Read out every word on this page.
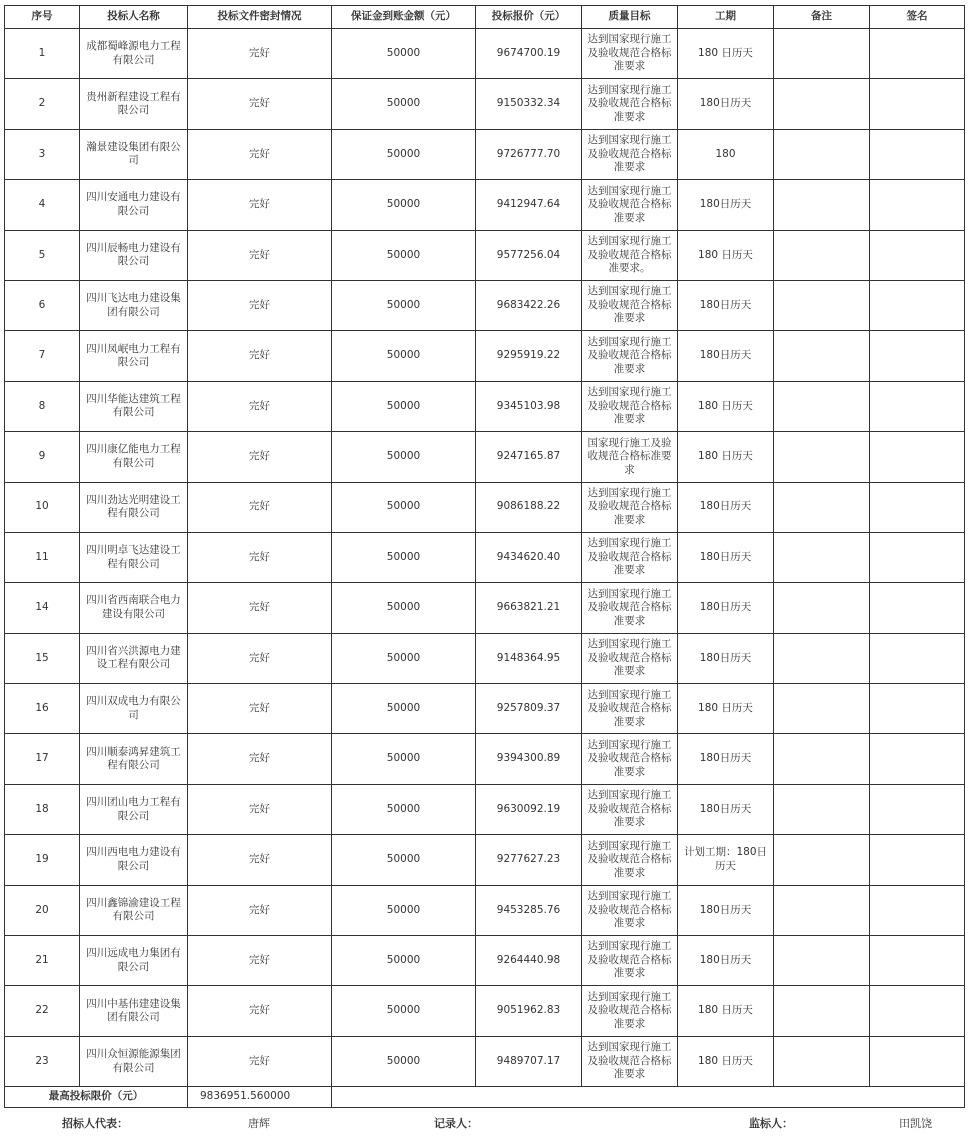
序号	投标人名称	投标文件密封情况	保证金到账金额（元）	投标报价（元）	质量目标	工期	备注	签名
1	成都蜀峰源电力工程有限公司	完好	50000	9674700.19	达到国家现行施工及验收规范合格标准要求	180 日历天		
2	贵州新程建设工程有限公司	完好	50000	9150332.34	达到国家现行施工及验收规范合格标准要求	180日历天		
3	瀚景建设集团有限公司	完好	50000	9726777.70	达到国家现行施工及验收规范合格标准要求	180		
4	四川安通电力建设有限公司	完好	50000	9412947.64	达到国家现行施工及验收规范合格标准要求	180日历天		
5	四川辰畅电力建设有限公司	完好	50000	9577256.04	达到国家现行施工及验收规范合格标准要求。	180 日历天		
6	四川飞达电力建设集团有限公司	完好	50000	9683422.26	达到国家现行施工及验收规范合格标准要求	180日历天		
7	四川凤岷电力工程有限公司	完好	50000	9295919.22	达到国家现行施工及验收规范合格标准要求	180日历天		
8	四川华能达建筑工程有限公司	完好	50000	9345103.98	达到国家现行施工及验收规范合格标准要求	180 日历天		
9	四川康亿能电力工程有限公司	完好	50000	9247165.87	国家现行施工及验收规范合格标准要求	180 日历天		
10	四川劲达光明建设工程有限公司	完好	50000	9086188.22	达到国家现行施工及验收规范合格标准要求	180日历天		
11	四川明卓飞达建设工程有限公司	完好	50000	9434620.40	达到国家现行施工及验收规范合格标准要求	180日历天		
14	四川省西南联合电力建设有限公司	完好	50000	9663821.21	达到国家现行施工及验收规范合格标准要求	180日历天		
15	四川省兴洪源电力建设工程有限公司	完好	50000	9148364.95	达到国家现行施工及验收规范合格标准要求	180日历天		
16	四川双成电力有限公司	完好	50000	9257809.37	达到国家现行施工及验收规范合格标准要求	180 日历天		
17	四川顺泰鸿昇建筑工程有限公司	完好	50000	9394300.89	达到国家现行施工及验收规范合格标准要求	180日历天		
18	四川团山电力工程有限公司	完好	50000	9630092.19	达到国家现行施工及验收规范合格标准要求	180日历天		
19	四川西电电力建设有限公司	完好	50000	9277627.23	达到国家现行施工及验收规范合格标准要求	计划工期：180日历天		
20	四川鑫锦渝建设工程有限公司	完好	50000	9453285.76	达到国家现行施工及验收规范合格标准要求	180日历天		
21	四川远成电力集团有限公司	完好	50000	9264440.98	达到国家现行施工及验收规范合格标准要求	180日历天		
22	四川中基伟建建设集团有限公司	完好	50000	9051962.83	达到国家现行施工及验收规范合格标准要求	180 日历天		
23	四川众恒源能源集团有限公司	完好	50000	9489707.17	达到国家现行施工及验收规范合格标准要求	180 日历天		
最高投标限价（元）		9836951.560000						
招标人代表：	唐辉	记录人：	监标人：	田凯饶
